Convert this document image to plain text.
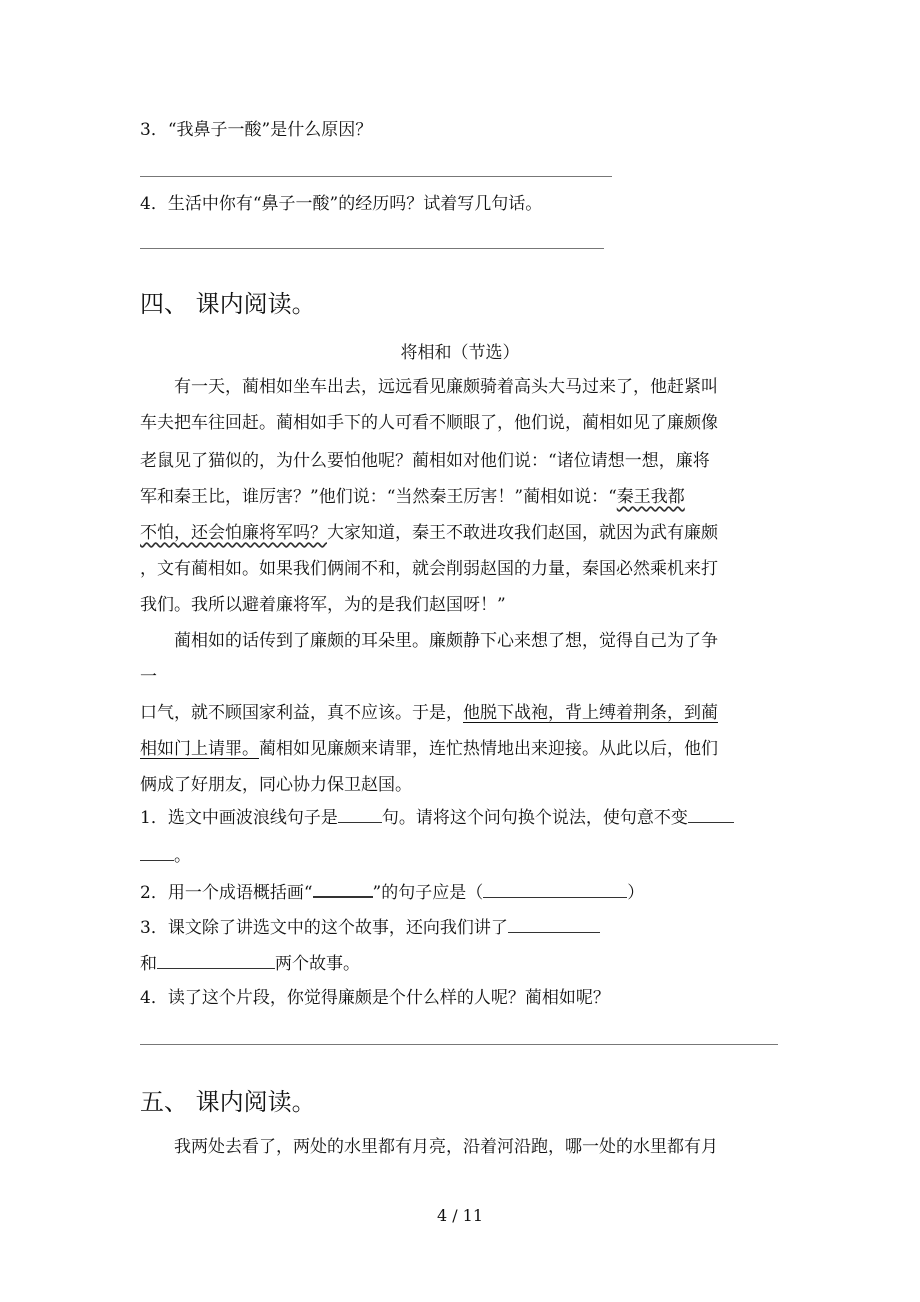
3．“我鼻子一酸”是什么原因？
4．生活中你有“鼻子一酸”的经历吗？试着写几句话。
四、 课内阅读。
将相和（节选）
有一天，蔺相如坐车出去，远远看见廉颇骑着高头大马过来了，他赶紧叫
车夫把车往回赶。蔺相如手下的人可看不顺眼了，他们说，蔺相如见了廉颇像
老鼠见了猫似的，为什么要怕他呢？蔺相如对他们说：“诸位请想一想，廉将
军和秦王比，谁厉害？”他们说：“当然秦王厉害！”蔺相如说：“秦王我都
不怕，还会怕廉将军吗？大家知道，秦王不敢进攻我们赵国，就因为武有廉颇
，文有蔺相如。如果我们俩闹不和，就会削弱赵国的力量，秦国必然乘机来打
我们。我所以避着廉将军，为的是我们赵国呀！”
蔺相如的话传到了廉颇的耳朵里。廉颇静下心来想了想，觉得自己为了争
一
口气，就不顾国家利益，真不应该。于是，他脱下战袍，背上缚着荆条，到蔺
相如门上请罪。蔺相如见廉颇来请罪，连忙热情地出来迎接。从此以后，他们
俩成了好朋友，同心协力保卫赵国。
1．选文中画波浪线句子是	句。请将这个问句换个说法，使句意不变
。
2．用一个成语概括画“	”的句子应是（	）
3．课文除了讲选文中的这个故事，还向我们讲了
和	两个故事。
4．读了这个片段，你觉得廉颇是个什么样的人呢？蔺相如呢？
五、 课内阅读。
我两处去看了，两处的水里都有月亮，沿着河沿跑，哪一处的水里都有月
4 / 11
